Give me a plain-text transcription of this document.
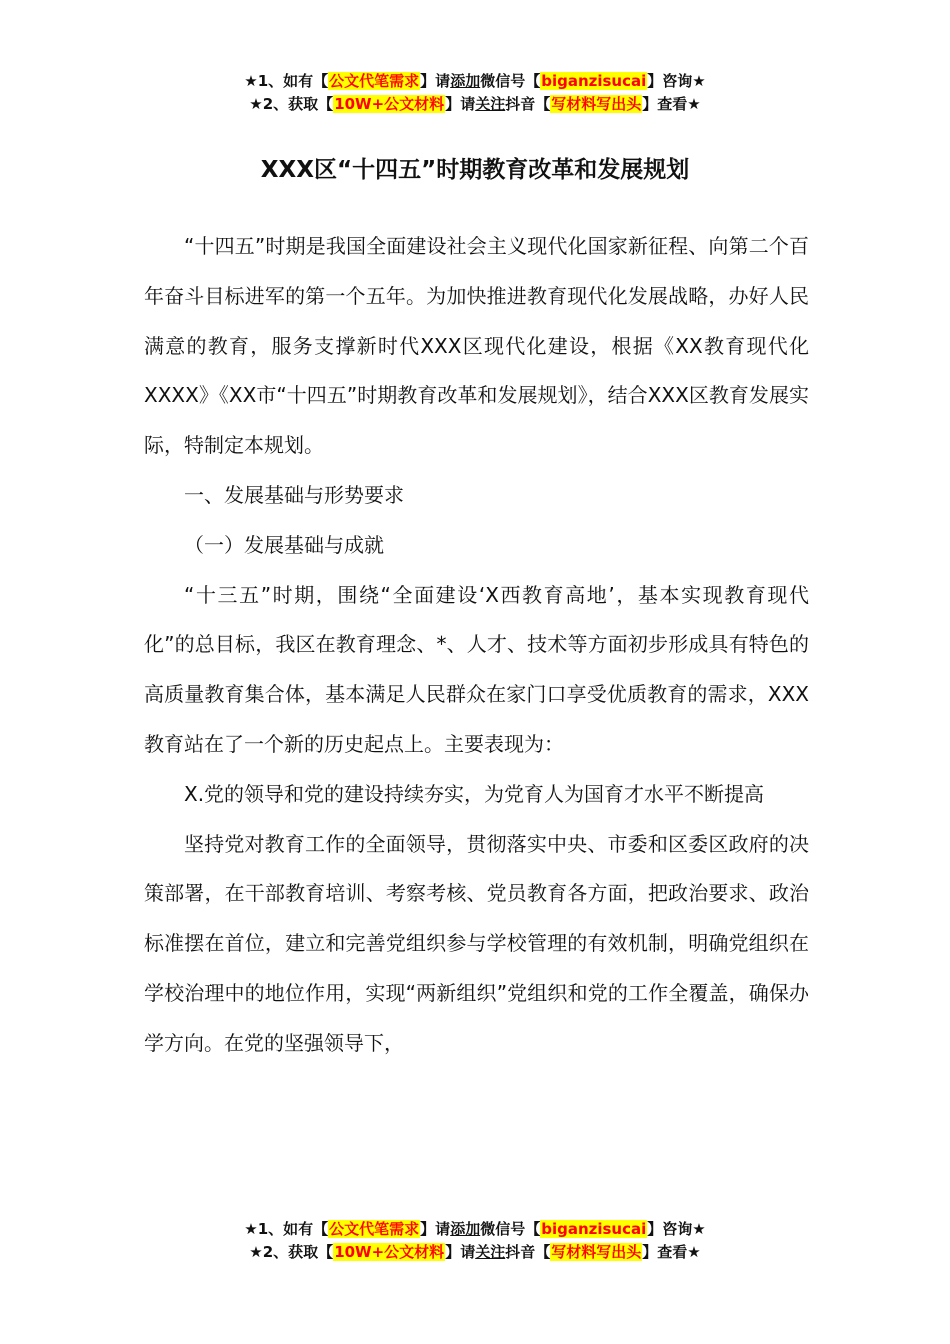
★1、如有【公文代笔需求】请添加微信号【biganzisucai】咨询★
★2、获取【10W+公文材料】请关注抖音【写材料写出头】查看★
XXX区“十四五”时期教育改革和发展规划

“十四五”时期是我国全面建设社会主义现代化国家新征程、向第二个百年奋斗目标进军的第一个五年。为加快推进教育现代化发展战略，办好人民满意的教育，服务支撑新时代XXX区现代化建设，根据《XX教育现代化XXXX》《XX市“十四五”时期教育改革和发展规划》，结合XXX区教育发展实际，特制定本规划。

一、发展基础与形势要求

（一）发展基础与成就

“十三五”时期，围绕“全面建设‘X西教育高地’，基本实现教育现代化”的总目标，我区在教育理念、*、人才、技术等方面初步形成具有特色的高质量教育集合体，基本满足人民群众在家门口享受优质教育的需求，XXX教育站在了一个新的历史起点上。主要表现为：

X.党的领导和党的建设持续夯实，为党育人为国育才水平不断提高

坚持党对教育工作的全面领导，贯彻落实中央、市委和区委区政府的决策部署，在干部教育培训、考察考核、党员教育各方面，把政治要求、政治标准摆在首位，建立和完善党组织参与学校管理的有效机制，明确党组织在学校治理中的地位作用，实现“两新组织”党组织和党的工作全覆盖，确保办学方向。在党的坚强领导下，

★1、如有【公文代笔需求】请添加微信号【biganzisucai】咨询★
★2、获取【10W+公文材料】请关注抖音【写材料写出头】查看★
